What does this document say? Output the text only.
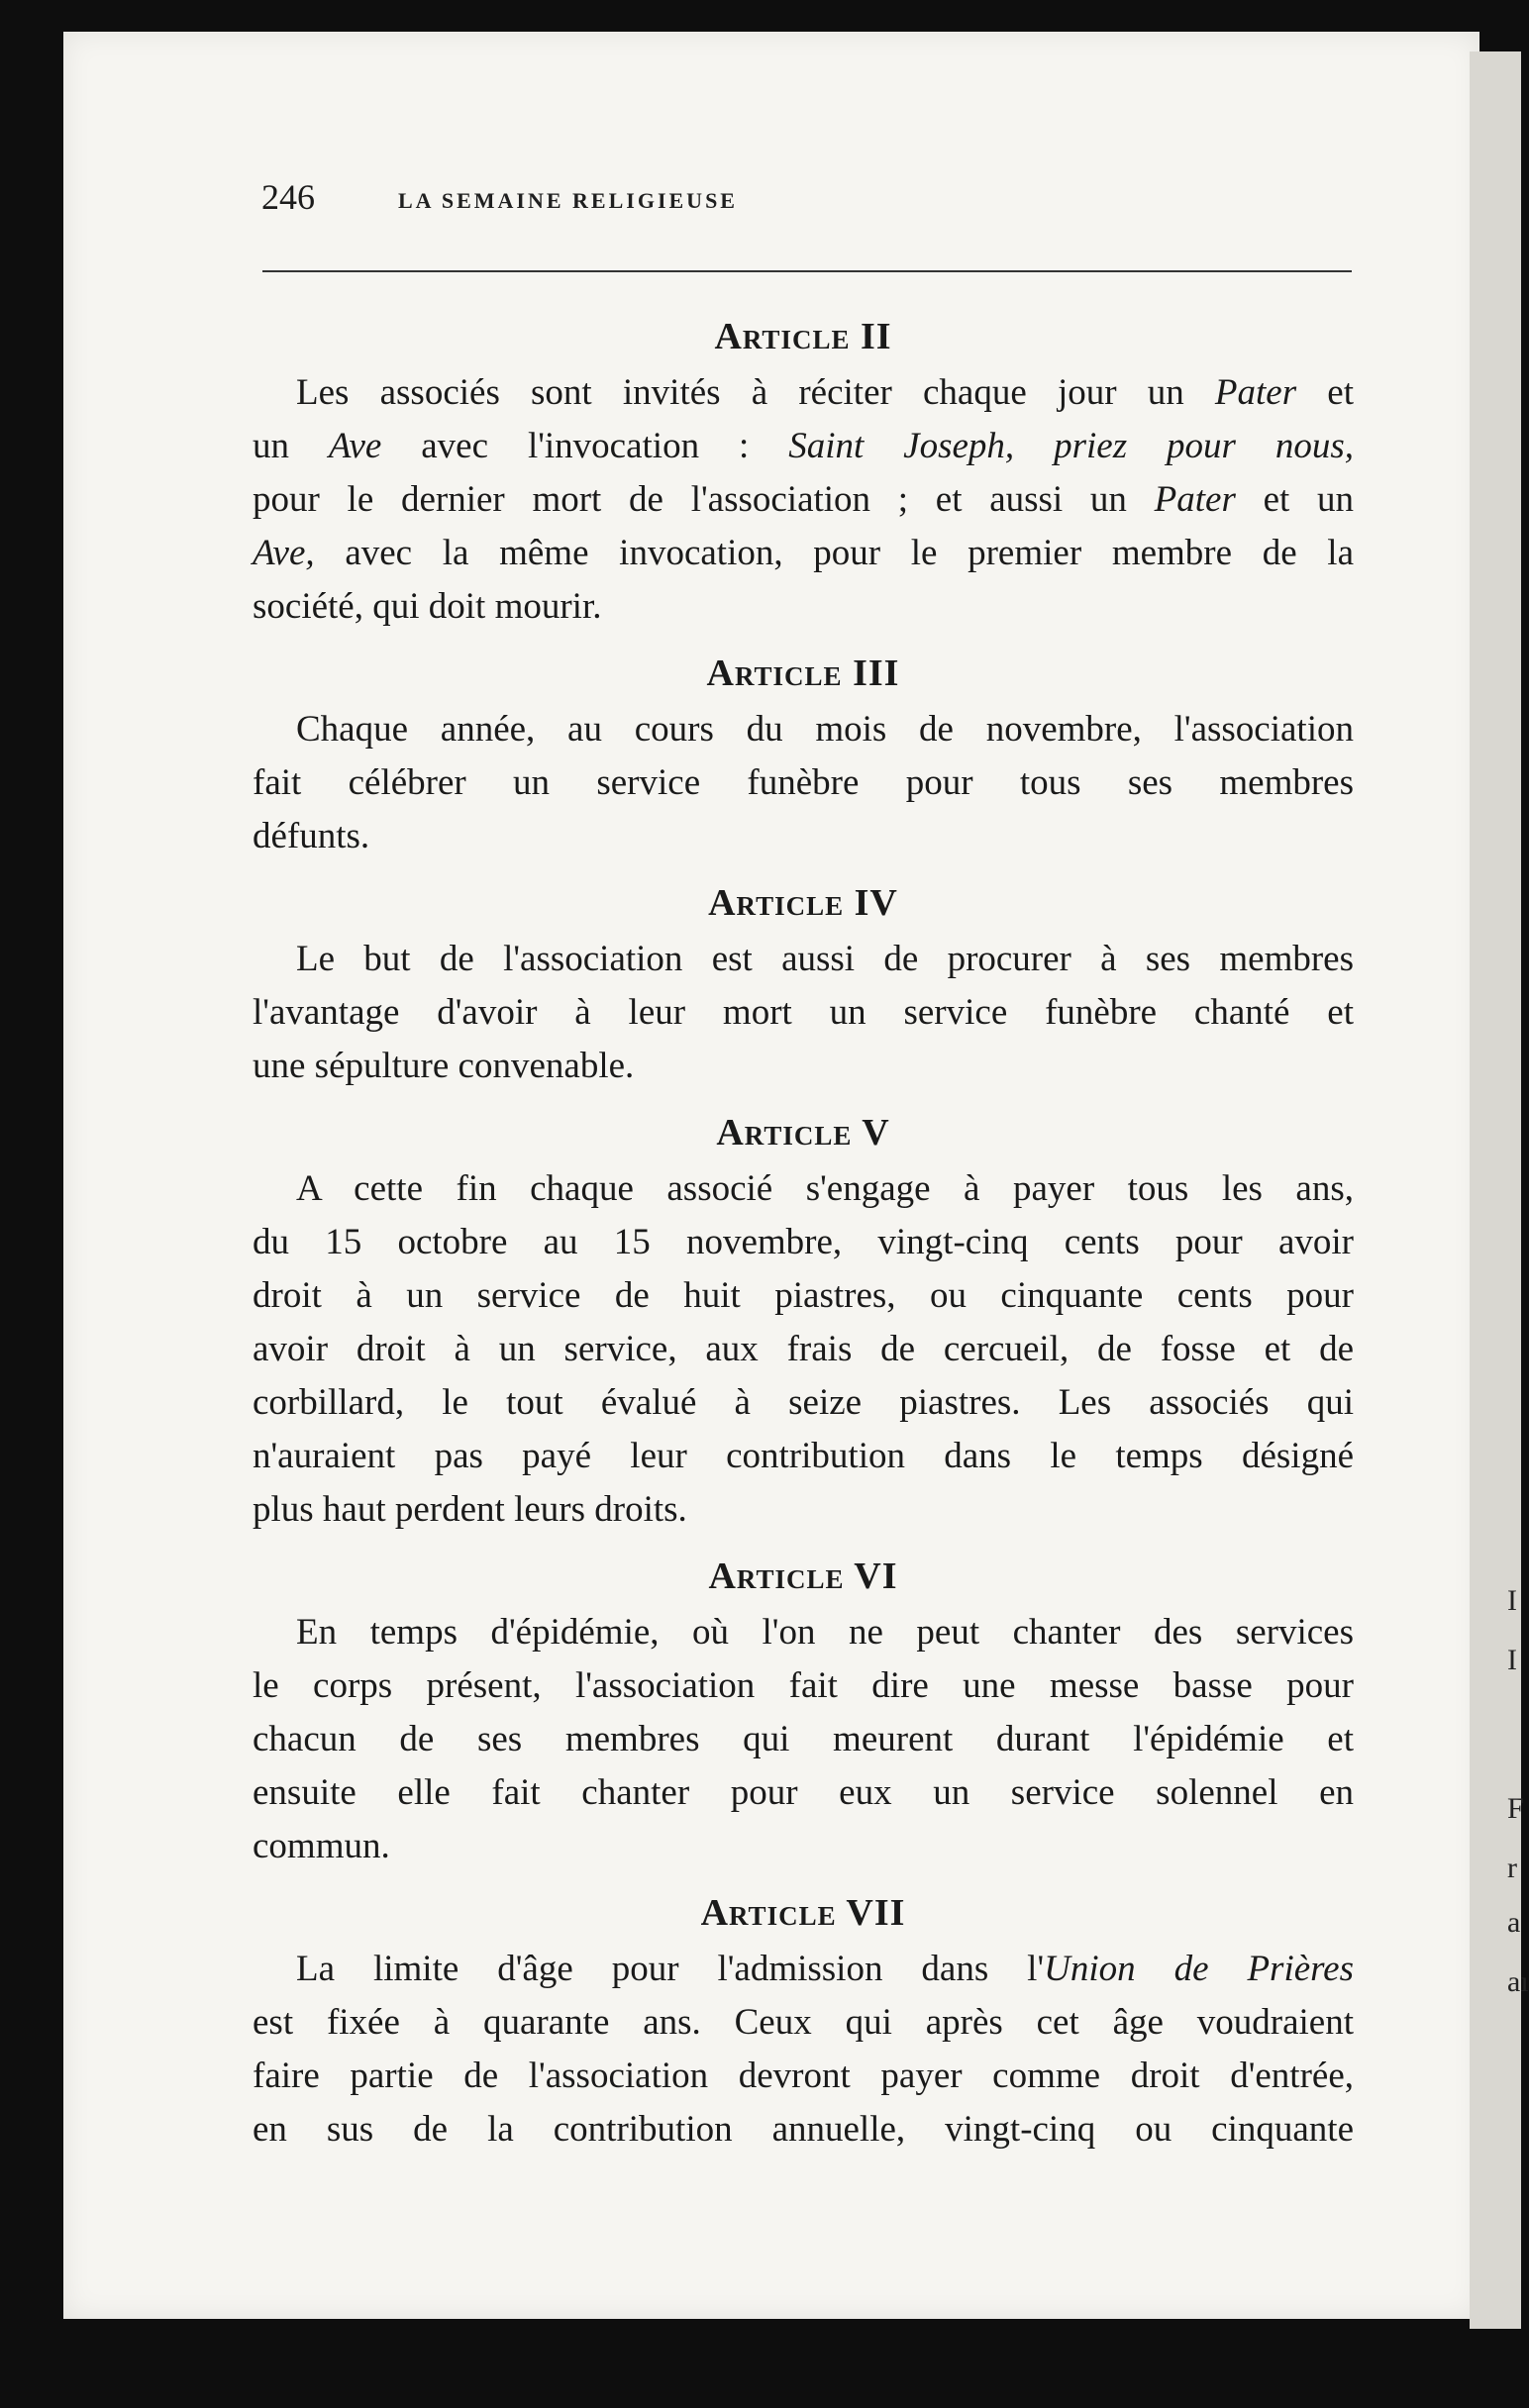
246	LA SEMAINE RELIGIEUSE
Article II

Les associés sont invités à réciter chaque jour un Pater et
un Ave avec l'invocation : Saint Joseph, priez pour nous,
pour le dernier mort de l'association ; et aussi un Pater et un
Ave, avec la même invocation, pour le premier membre de la
société, qui doit mourir.

Article III

Chaque année, au cours du mois de novembre, l'association
fait célébrer un service funèbre pour tous ses membres
défunts.

Article IV

Le but de l'association est aussi de procurer à ses membres
l'avantage d'avoir à leur mort un service funèbre chanté et
une sépulture convenable.

Article V

A cette fin chaque associé s'engage à payer tous les ans,
du 15 octobre au 15 novembre, vingt-cinq cents pour avoir
droit à un service de huit piastres, ou cinquante cents pour
avoir droit à un service, aux frais de cercueil, de fosse et de
corbillard, le tout évalué à seize piastres. Les associés qui
n'auraient pas payé leur contribution dans le temps désigné
plus haut perdent leurs droits.

Article VI

En temps d'épidémie, où l'on ne peut chanter des services
le corps présent, l'association fait dire une messe basse pour
chacun de ses membres qui meurent durant l'épidémie et
ensuite elle fait chanter pour eux un service solennel en
commun.

Article VII

La limite d'âge pour l'admission dans l'Union de Prières
est fixée à quarante ans. Ceux qui après cet âge voudraient
faire partie de l'association devront payer comme droit d'entrée,
en sus de la contribution annuelle, vingt-cinq ou cinquante

I
I
F
r
a
aı
